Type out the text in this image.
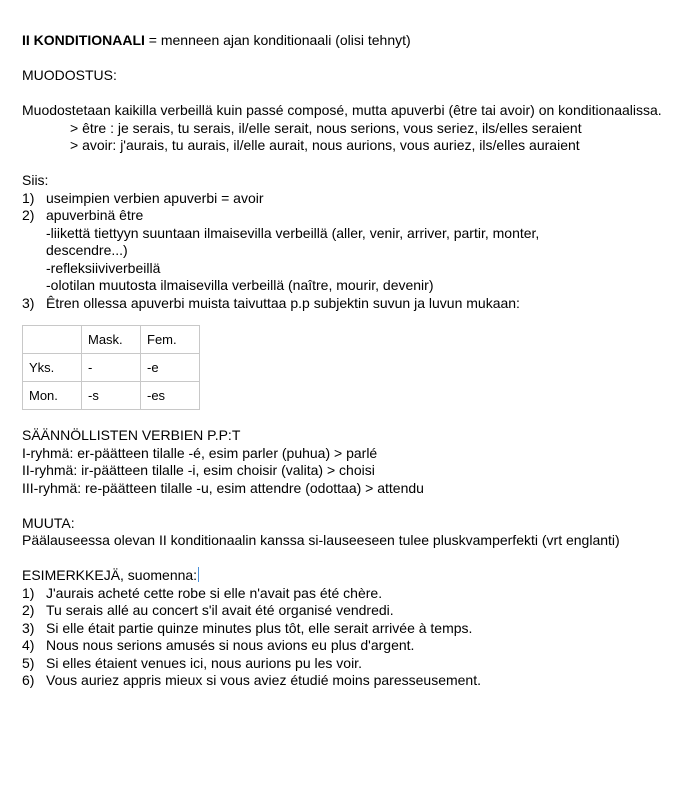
II KONDITIONAALI = menneen ajan konditionaali (olisi tehnyt)
MUODOSTUS:
Muodostetaan kaikilla verbeillä kuin passé composé, mutta apuverbi (être tai avoir) on konditionaalissa.
> être : je serais, tu serais, il/elle serait, nous serions, vous seriez, ils/elles seraient
> avoir: j'aurais, tu aurais, il/elle aurait, nous aurions, vous auriez, ils/elles auraient
Siis:
1) useimpien verbien apuverbi = avoir
2) apuverbinä être
-liikettä tiettyyn suuntaan ilmaisevilla verbeillä (aller, venir, arriver, partir, monter,
descendre...)
-refleksiiviverbeillä
-olotilan muutosta ilmaisevilla verbeillä (naître, mourir, devenir)
3) Êtren ollessa apuverbi muista taivuttaa p.p subjektin suvun ja luvun mukaan:
	Mask.	Fem.
Yks.	-	-e
Mon.	-s	-es
SÄÄNNÖLLISTEN VERBIEN P.P:T
I-ryhmä: er-päätteen tilalle -é, esim parler (puhua) > parlé
II-ryhmä: ir-päätteen tilalle -i, esim choisir (valita) > choisi
III-ryhmä: re-päätteen tilalle -u, esim attendre (odottaa) > attendu
MUUTA:
Päälauseessa olevan II konditionaalin kanssa si-lauseeseen tulee pluskvamperfekti (vrt englanti)
ESIMERKKEJÄ, suomenna:
1) J'aurais acheté cette robe si elle n'avait pas été chère.
2) Tu serais allé au concert s'il avait été organisé vendredi.
3) Si elle était partie quinze minutes plus tôt, elle serait arrivée à temps.
4) Nous nous serions amusés si nous avions eu plus d'argent.
5) Si elles étaient venues ici, nous aurions pu les voir.
6) Vous auriez appris mieux si vous aviez étudié moins paresseusement.
